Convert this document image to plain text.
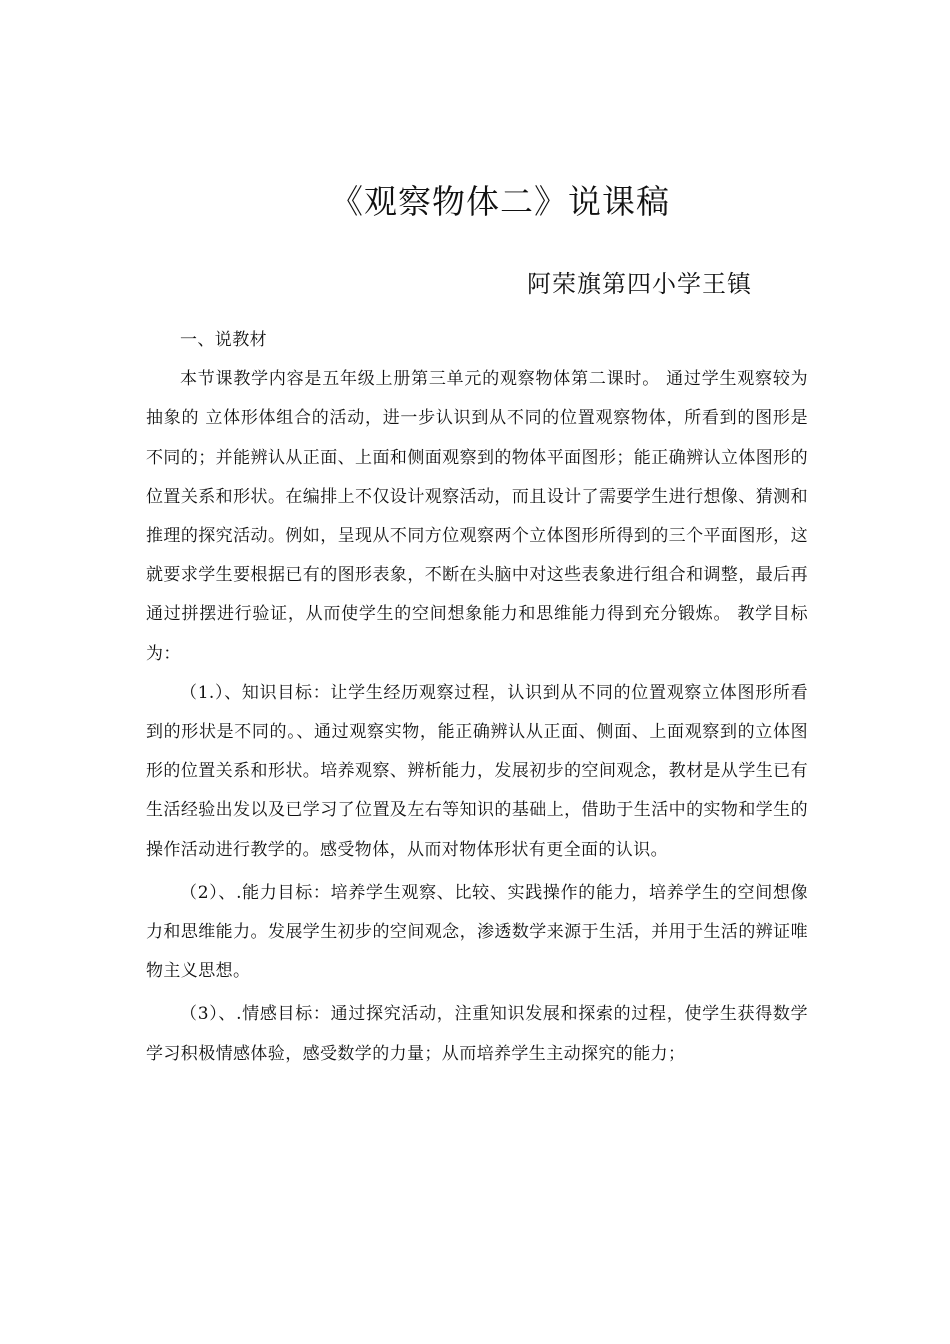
《观察物体二》说课稿
阿荣旗第四小学王镇

一、说教材

本节课教学内容是五年级上册第三单元的观察物体第二课时。 通过学生观察较为抽象的 立体形体组合的活动，进一步认识到从不同的位置观察物体，所看到的图形是不同的；并能辨认从正面、上面和侧面观察到的物体平面图形；能正确辨认立体图形的位置关系和形状。在编排上不仅设计观察活动，而且设计了需要学生进行想像、猜测和推理的探究活动。例如，呈现从不同方位观察两个立体图形所得到的三个平面图形，这就要求学生要根据已有的图形表象，不断在头脑中对这些表象进行组合和调整，最后再通过拼摆进行验证，从而使学生的空间想象能力和思维能力得到充分锻炼。 教学目标为：

（1.）、知识目标：让学生经历观察过程，认识到从不同的位置观察立体图形所看到的形状是不同的。、通过观察实物，能正确辨认从正面、侧面、上面观察到的立体图形的位置关系和形状。培养观察、辨析能力，发展初步的空间观念，教材是从学生已有生活经验出发以及已学习了位置及左右等知识的基础上，借助于生活中的实物和学生的操作活动进行教学的。感受物体，从而对物体形状有更全面的认识。

（2）、.能力目标：培养学生观察、比较、实践操作的能力，培养学生的空间想像力和思维能力。发展学生初步的空间观念，渗透数学来源于生活，并用于生活的辨证唯物主义思想。

（3）、.情感目标：通过探究活动，注重知识发展和探索的过程，使学生获得数学学习积极情感体验，感受数学的力量；从而培养学生主动探究的能力；
